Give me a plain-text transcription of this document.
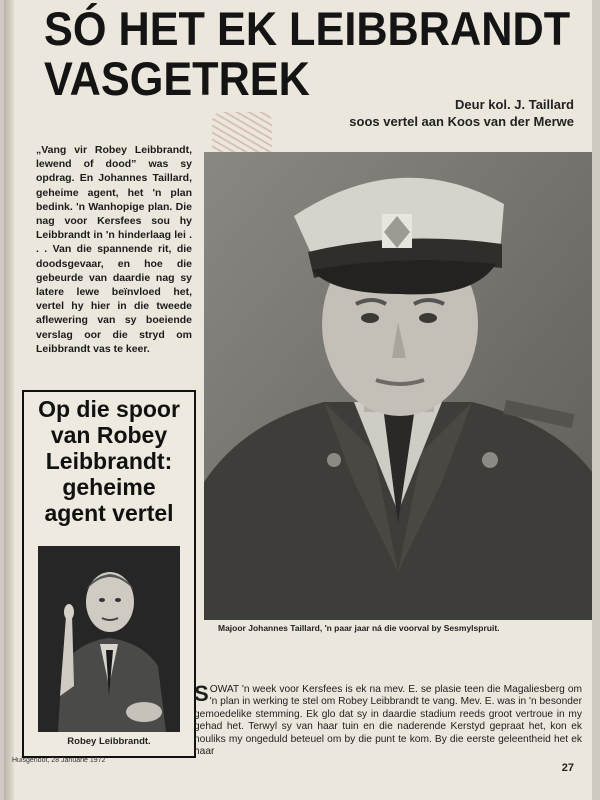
SÓ HET EK LEIBBRANDT
VASGETREK	Deur kol. J. Taillard
soos vertel aan Koos van der Merwe
„Vang vir Robey Leibbrandt, lewend of dood” was sy opdrag. En Johannes Taillard, geheime agent, het 'n plan bedink. 'n Wanhopige plan. Die nag voor Kersfees sou hy Leibbrandt in 'n hinderlaag lei . . . Van die spannende rit, die doodsgevaar, en hoe die gebeurde van daardie nag sy latere lewe beïnvloed het, vertel hy hier in die tweede aflewering van sy boeiende verslag oor die stryd om Leibbrandt vas te keer.
Op die spoor
van Robey
Leibbrandt:
geheime
agent vertel
Robey Leibbrandt.
Majoor Johannes Taillard, 'n paar jaar ná die voorval by Sesmylspruit.
SOWAT 'n week voor Kersfees is ek na mev. E. se plasie teen die Magaliesberg om 'n plan in werking te stel om Robey Leibbrandt te vang. Mev. E. was in 'n besonder gemoedelike stemming. Ek glo dat sy in daardie stadium reeds groot vertroue in my gehad het. Terwyl sy van haar tuin en die naderende Kerstyd gepraat het, kon ek nouliks my ongeduld beteuel om by die punt te kom. By die eerste geleentheid het ek haar
Huisgenoot, 28 Januarie 1972
27
